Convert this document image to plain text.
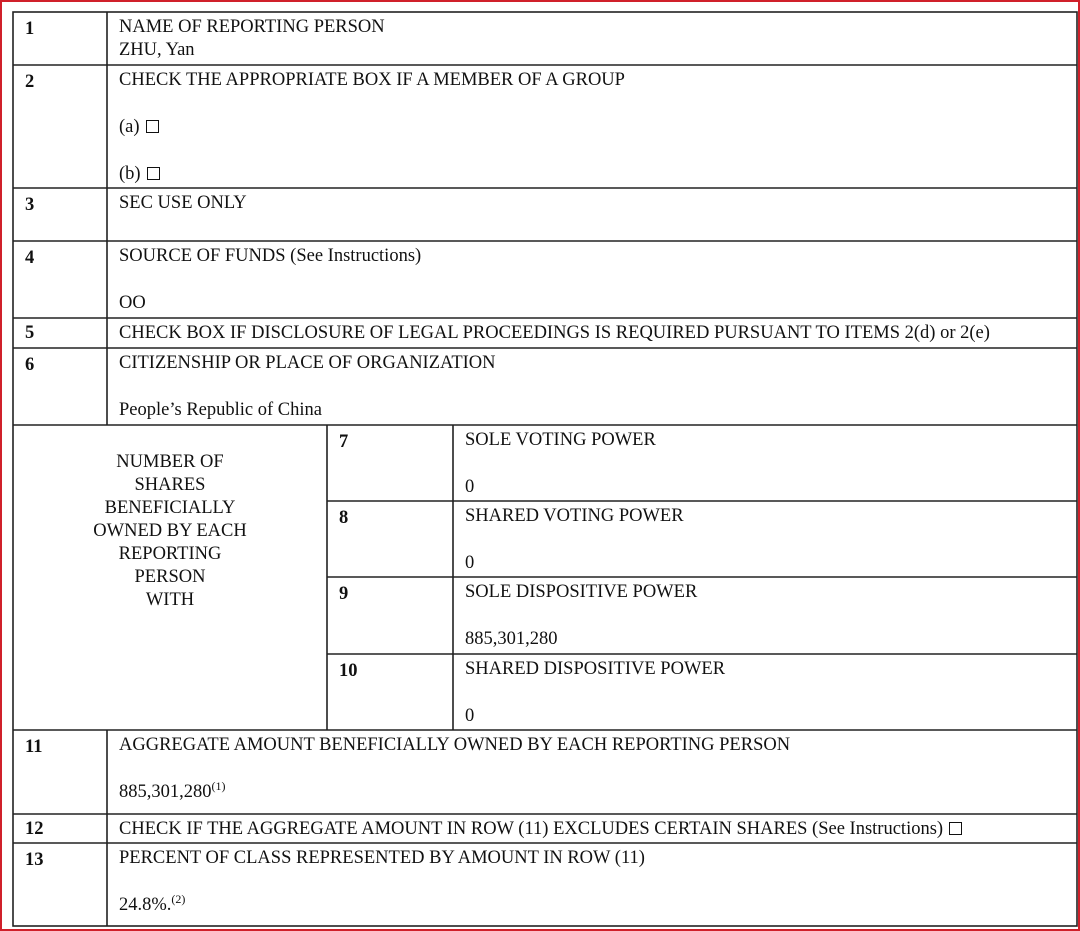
1	NAME OF REPORTING PERSON
ZHU, Yan
2	CHECK THE APPROPRIATE BOX IF A MEMBER OF A GROUP
(a)
(b)
3	SEC USE ONLY
4	SOURCE OF FUNDS (See Instructions)
OO
5	CHECK BOX IF DISCLOSURE OF LEGAL PROCEEDINGS IS REQUIRED PURSUANT TO ITEMS 2(d) or 2(e)
6	CITIZENSHIP OR PLACE OF ORGANIZATION
People’s Republic of China
NUMBER OF
SHARES
BENEFICIALLY
OWNED BY EACH
REPORTING
PERSON
WITH
7	SOLE VOTING POWER
0
8	SHARED VOTING POWER
0
9	SOLE DISPOSITIVE POWER
885,301,280
10	SHARED DISPOSITIVE POWER
0
11	AGGREGATE AMOUNT BENEFICIALLY OWNED BY EACH REPORTING PERSON
885,301,280$^{(1)}$
12	CHECK IF THE AGGREGATE AMOUNT IN ROW (11) EXCLUDES CERTAIN SHARES (See Instructions)
13	PERCENT OF CLASS REPRESENTED BY AMOUNT IN ROW (11)
24.8%.$^{(2)}$
